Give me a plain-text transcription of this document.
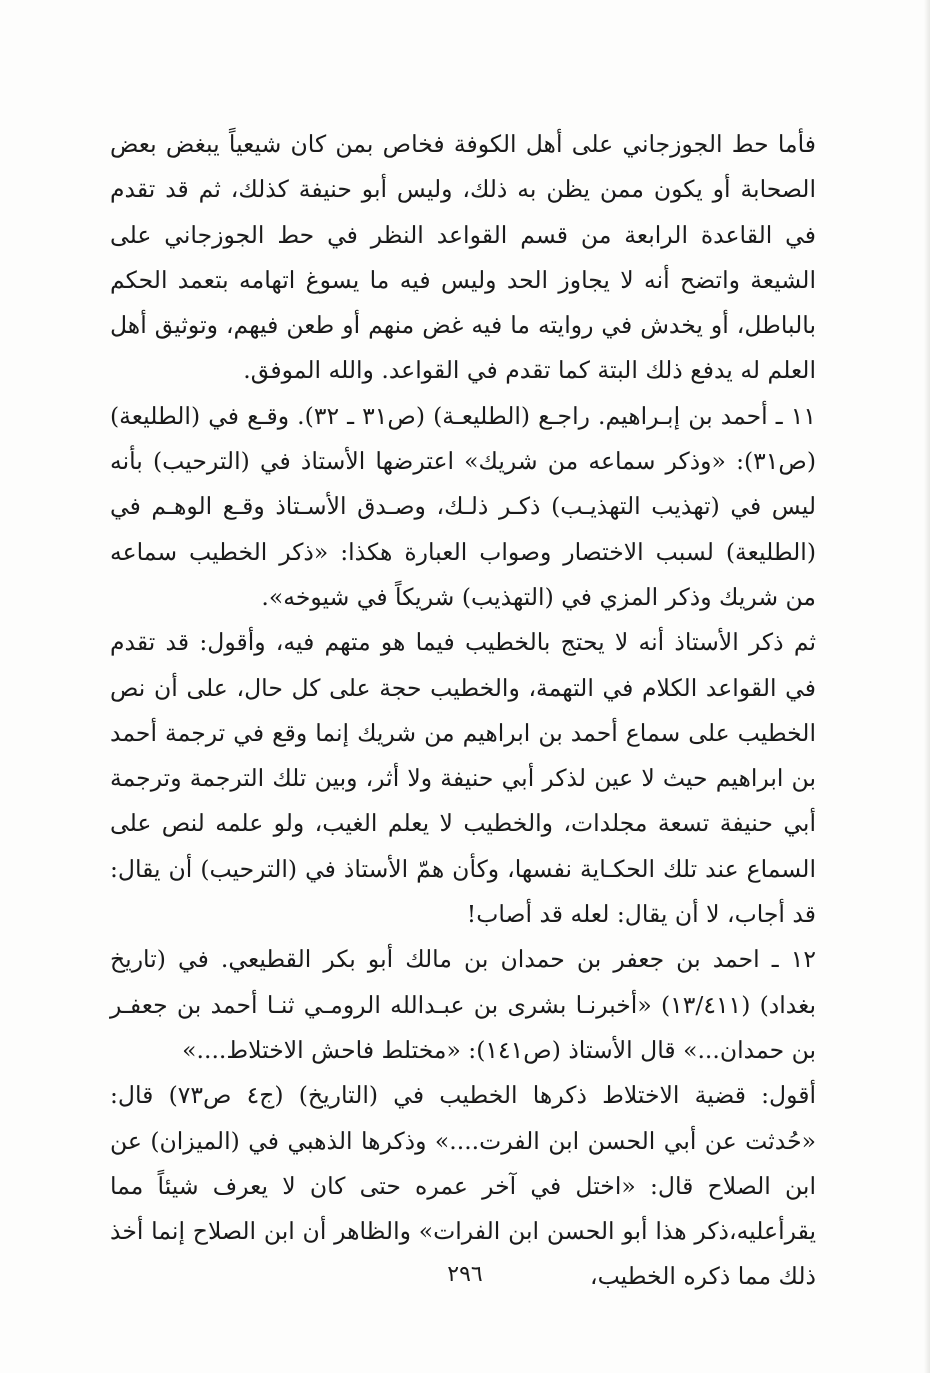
فأما حط الجوزجاني على أهل الكوفة فخاص بمن كان شيعياً يبغض بعض الصحابة أو يكون ممن يظن به ذلك، وليس أبو حنيفة كذلك، ثم قد تقدم في القاعدة الرابعة من قسم القواعد النظر في حط الجوزجاني على الشيعة واتضح أنه لا يجاوز الحد وليس فيه ما يسوغ اتهامه بتعمد الحكم بالباطل، أو يخدش في روايته ما فيه غض منهم أو طعن فيهم، وتوثيق أهل العلم له يدفع ذلك البتة كما تقدم في القواعد. والله الموفق.

١١ ـ أحمد بن إبـراهيم. راجـع (الطليعـة) (ص٣١ ـ ٣٢). وقـع في (الطليعة) (ص٣١): «وذكر سماعه من شريك» اعترضها الأستاذ في (الترحيب) بأنه ليس في (تهذيب التهذيـب) ذكـر ذلـك، وصـدق الأسـتاذ وقـع الوهـم في (الطليعة) لسبب الاختصار وصواب العبارة هكذا: «ذكر الخطيب سماعه من شريك وذكر المزي في (التهذيب) شريكاً في شيوخه».

ثم ذكر الأستاذ أنه لا يحتج بالخطيب فيما هو متهم فيه، وأقول: قد تقدم في القواعد الكلام في التهمة، والخطيب حجة على كل حال، على أن نص الخطيب على سماع أحمد بن ابراهيم من شريك إنما وقع في ترجمة أحمد بن ابراهيم حيث لا عين لذكر أبي حنيفة ولا أثر، وبين تلك الترجمة وترجمة أبي حنيفة تسعة مجلدات، والخطيب لا يعلم الغيب، ولو علمه لنص على السماع عند تلك الحكـاية نفسها، وكأن همّ الأستاذ في (الترحيب) أن يقال: قد أجاب، لا أن يقال: لعله قد أصاب!

١٢ ـ احمد بن جعفر بن حمدان بن مالك أبو بكر القطيعي. في (تاريخ بغداد) (١٣/٤١١) «أخبرنـا بشرى بن عبـدالله الرومـي ثنـا أحمد بن جعفـر بن حمدان...» قال الأستاذ (ص١٤١): «مختلط فاحش الاختلاط....»

أقول: قضية الاختلاط ذكرها الخطيب في (التاريخ) (ج٤ ص٧٣) قال: «حُدثت عن أبي الحسن ابن الفرت....» وذكرها الذهبي في (الميزان) عن ابن الصلاح قال: «اختل في آخر عمره حتى كان لا يعرف شيئاً مما يقرأعليه،ذكر هذا أبو الحسن ابن الفرات» والظاهر أن ابن الصلاح إنما أخذ ذلك مما ذكره الخطيب،

٢٩٦
